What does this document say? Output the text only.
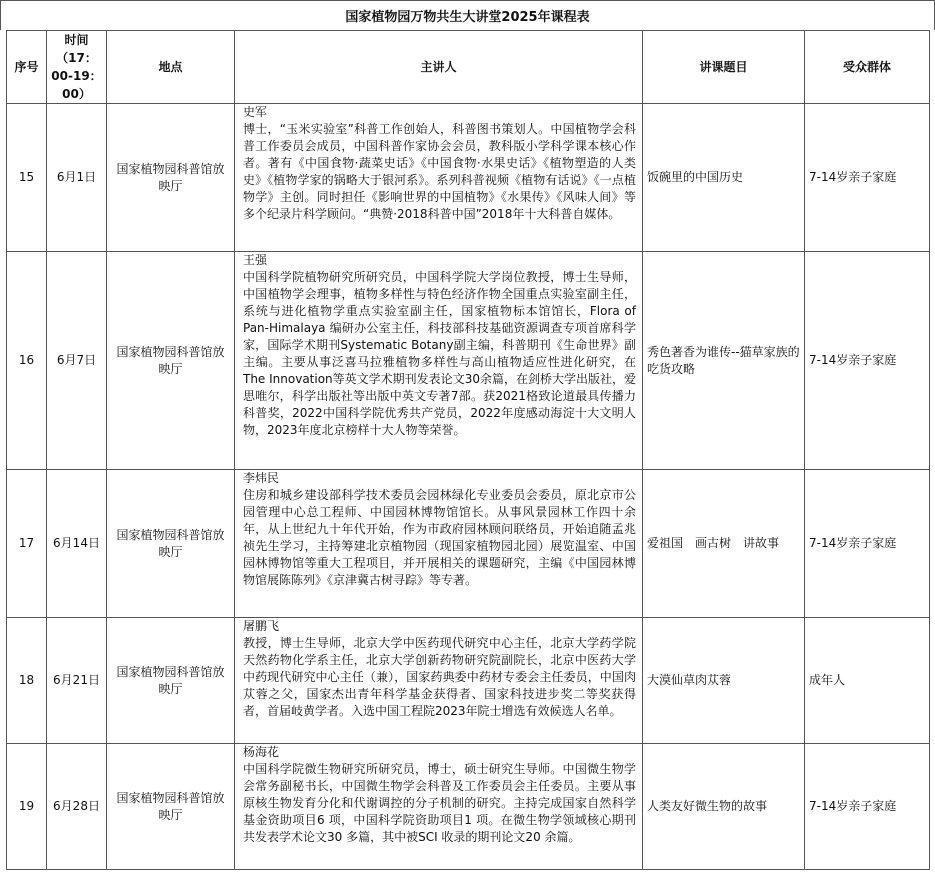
国家植物园万物共生大讲堂2025年课程表
序号	时间（17：00-19：00）	地点	主讲人	讲课题目	受众群体
15	6月1日	国家植物园科普馆放映厅	史军
博士，“玉米实验室”科普工作创始人，科普图书策划人。中国植物学会科普工作委员会成员，中国科普作家协会会员，教科版小学科学课本核心作者。著有《中国食物·蔬菜史话》《中国食物·水果史话》《植物塑造的人类史》《植物学家的锅略大于银河系》。系列科普视频《植物有话说》《一点植物学》主创。同时担任《影响世界的中国植物》《水果传》《风味人间》等多个纪录片科学顾问。“典赞·2018科普中国”2018年十大科普自媒体。	饭碗里的中国历史	7-14岁亲子家庭
16	6月7日	国家植物园科普馆放映厅	王强
中国科学院植物研究所研究员，中国科学院大学岗位教授，博士生导师，中国植物学会理事，植物多样性与特色经济作物全国重点实验室副主任，系统与进化植物学重点实验室副主任，国家植物标本馆馆长，Flora of Pan-Himalaya 编研办公室主任，科技部科技基础资源调查专项首席科学家，国际学术期刊Systematic Botany副主编，科普期刊《生命世界》副主编。主要从事泛喜马拉雅植物多样性与高山植物适应性进化研究，在The Innovation等英文学术期刊发表论文30余篇，在剑桥大学出版社，爱思唯尔，科学出版社等出版中英文专著7部。获2021格致论道最具传播力科普奖，2022中国科学院优秀共产党员，2022年度感动海淀十大文明人物，2023年度北京榜样十大人物等荣誉。	秀色著香为谁传--猫草家族的吃货攻略	7-14岁亲子家庭
17	6月14日	国家植物园科普馆放映厅	李炜民
住房和城乡建设部科学技术委员会园林绿化专业委员会委员，原北京市公园管理中心总工程师、中国园林博物馆馆长。从事风景园林工作四十余年，从上世纪九十年代开始，作为市政府园林顾问联络员，开始追随孟兆祯先生学习，主持筹建北京植物园（现国家植物园北园）展览温室、中国园林博物馆等重大工程项目，并开展相关的课题研究，主编《中国园林博物馆展陈陈列》《京津冀古树寻踪》等专著。	爱祖国　画古树　讲故事	7-14岁亲子家庭
18	6月21日	国家植物园科普馆放映厅	屠鹏飞
教授，博士生导师，北京大学中医药现代研究中心主任，北京大学药学院天然药物化学系主任，北京大学创新药物研究院副院长，北京中医药大学中药现代研究中心主任（兼），国家药典委中药材专委会主任委员，中国肉苁蓉之父，国家杰出青年科学基金获得者、国家科技进步奖二等奖获得者，首届岐黄学者。入选中国工程院2023年院士增选有效候选人名单。	大漠仙草肉苁蓉	成年人
19	6月28日	国家植物园科普馆放映厅	杨海花
中国科学院微生物研究所研究员，博士，硕士研究生导师。中国微生物学会常务副秘书长，中国微生物学会科普及工作委员会主任委员。主要从事原核生物发育分化和代谢调控的分子机制的研究。主持完成国家自然科学基金资助项目6 项，中国科学院资助项目1 项。在微生物学领域核心期刊共发表学术论文30 多篇，其中被SCI 收录的期刊论文20 余篇。	人类友好微生物的故事	7-14岁亲子家庭
